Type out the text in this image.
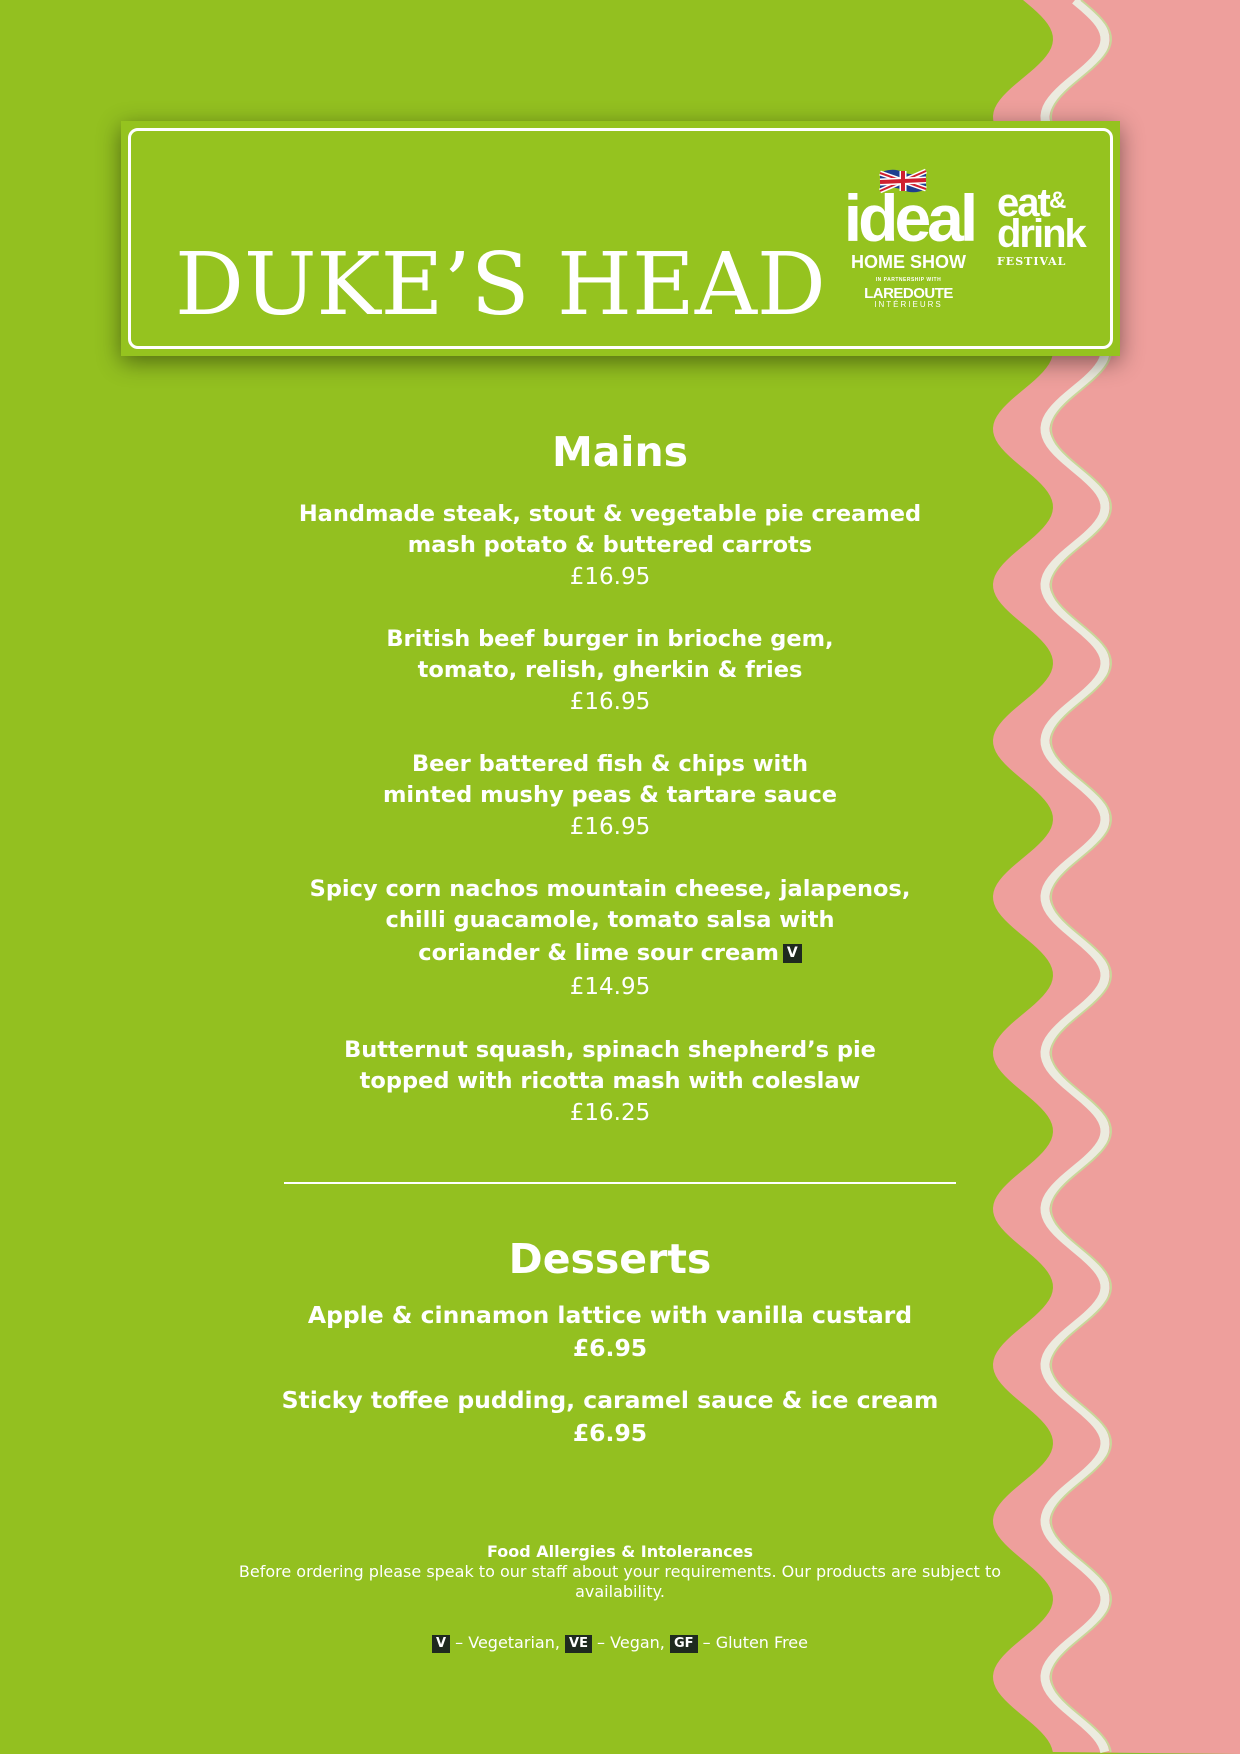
DUKE’S HEAD
ideal
HOME SHOW
IN PARTNERSHIP WITH
LAREDOUTE
INTÉRIEURS
eat &
drink
FESTIVAL
Mains
Handmade steak, stout & vegetable pie creamed
mash potato & buttered carrots
£16.95
British beef burger in brioche gem,
tomato, relish, gherkin & fries
£16.95
Beer battered fish & chips with
minted mushy peas & tartare sauce
£16.95
Spicy corn nachos mountain cheese, jalapenos,
chilli guacamole, tomato salsa with
coriander & lime sour cream V
£14.95
Butternut squash, spinach shepherd’s pie
topped with ricotta mash with coleslaw
£16.25
Desserts
Apple & cinnamon lattice with vanilla custard
£6.95
Sticky toffee pudding, caramel sauce & ice cream
£6.95
Food Allergies & Intolerances
Before ordering please speak to our staff about your requirements. Our products are subject to availability.
V – Vegetarian, VE – Vegan, GF – Gluten Free
